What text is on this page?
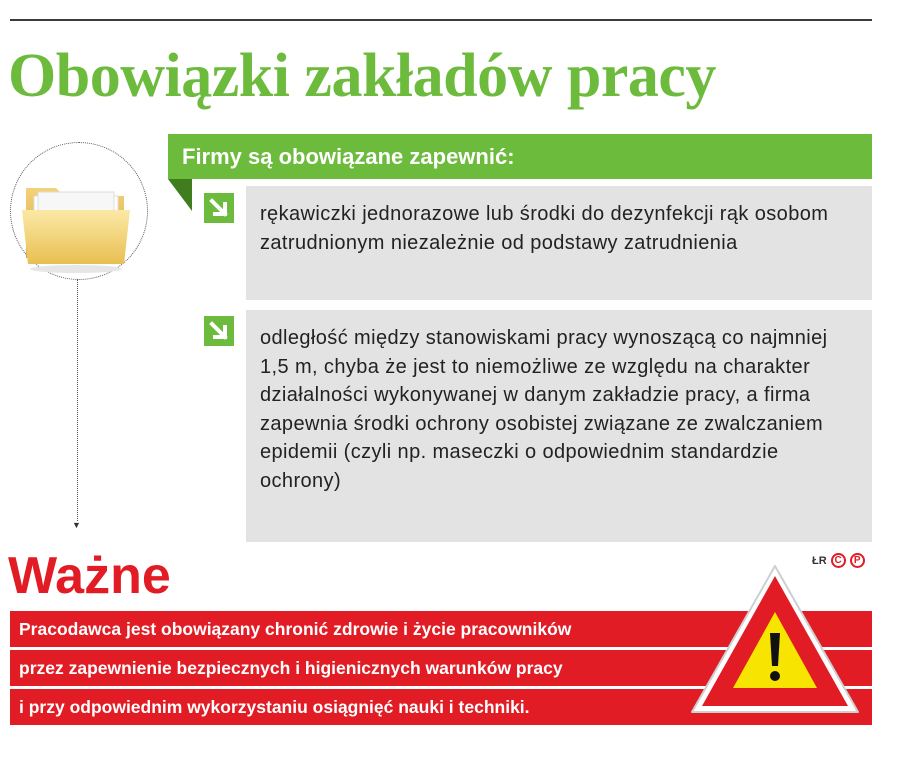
Obowiązki zakładów pracy
▼

Firmy są obowiązane zapewnić:

rękawiczki jednorazowe lub środki do dezynfekcji rąk osobom zatrudnionym niezależnie od podstawy zatrudnienia

odległość między stanowiskami pracy wynoszącą co najmniej 1,5 m, chyba że jest to niemożliwe ze względu na charakter działalności wykonywanej w danym zakładzie pracy, a firma zapewnia środki ochrony osobistej związane ze zwalczaniem epidemii (czyli np. maseczki o odpowiednim standardzie ochrony)

Ważne	ŁR C	P

Pracodawca jest obowiązany chronić zdrowie i życie pracowników

przez zapewnienie bezpiecznych i higienicznych warunków pracy

i przy odpowiednim wykorzystaniu osiągnięć nauki i techniki.
